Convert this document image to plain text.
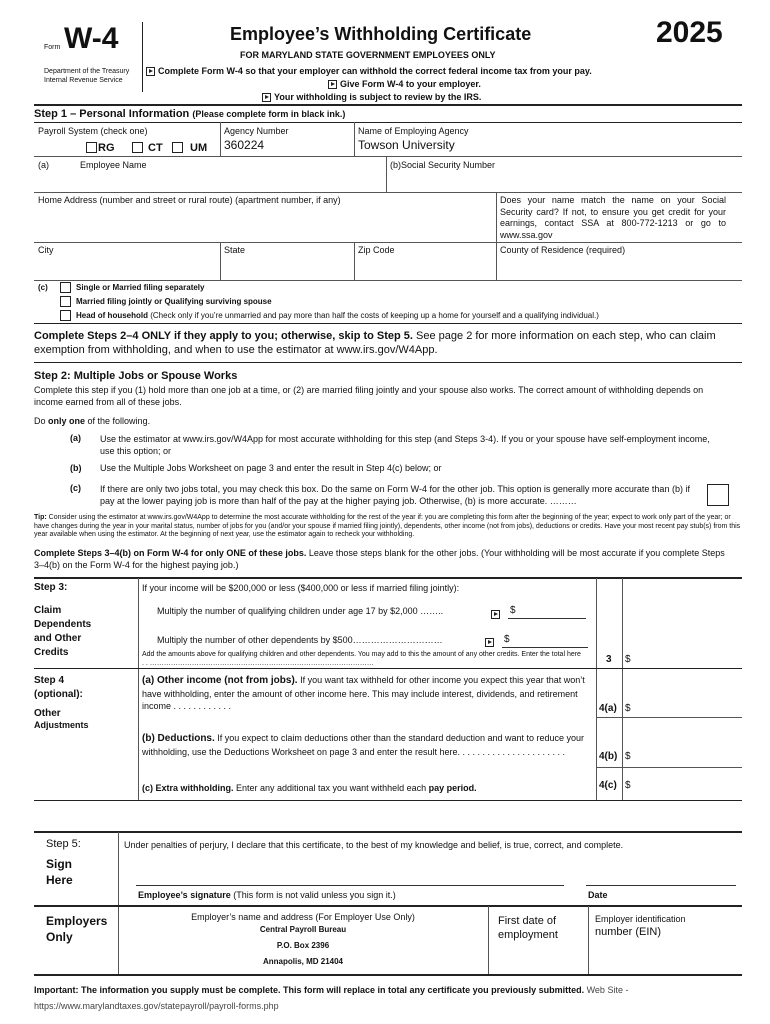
Form W-4
Department of the Treasury
Internal Revenue Service
Employee’s Withholding Certificate
FOR MARYLAND STATE GOVERNMENT EMPLOYEES ONLY
2025
Complete Form W-4 so that your employer can withhold the correct federal income tax from your pay.
Give Form W-4 to your employer.
Your withholding is subject to review by the IRS.
Step 1 – Personal Information (Please complete form in black ink.)
Payroll System (check one)
RG	CT UM
Agency Number
360224
Name of Employing Agency
Towson University
(a)	Employee Name	(b)Social Security Number
Home Address (number and street or rural route) (apartment number, if any)	Does your name match the name on your Social Security card? If not, to ensure you get credit for your earnings, contact SSA at 800-772-1213 or go to www.ssa.gov
City	State	Zip Code	County of Residence (required)
(c)	Single or Married filing separately
Married filing jointly or Qualifying surviving spouse
Head of household (Check only if you’re unmarried and pay more than half the costs of keeping up a home for yourself and a qualifying individual.)
Complete Steps 2–4 ONLY if they apply to you; otherwise, skip to Step 5. See page 2 for more information on each step, who can claim exemption from withholding, and when to use the estimator at www.irs.gov/W4App.
Step 2: Multiple Jobs or Spouse Works
Complete this step if you (1) hold more than one job at a time, or (2) are married filing jointly and your spouse also works. The correct amount of withholding depends on income earned from all of these jobs.
Do only one of the following.
(a) Use the estimator at www.irs.gov/W4App for most accurate withholding for this step (and Steps 3-4). If you or your spouse have self-employment income, use this option; or
(b) Use the Multiple Jobs Worksheet on page 3 and enter the result in Step 4(c) below; or
(c) If there are only two jobs total, you may check this box. Do the same on Form W-4 for the other job. This option is generally more accurate than (b) if pay at the lower paying job is more than half of the pay at the higher paying job. Otherwise, (b) is more accurate. ………
Tip: Consider using the estimator at www.irs.gov/W4App to determine the most accurate withholding for the rest of the year if: you are completing this form after the beginning of the year; expect to work only part of the year; or have changes during the year in your marital status, number of jobs for you (and/or your spouse if married filing jointly), dependents, other income (not from jobs), deductions or credits. Have your most recent pay stub(s) from this year available when using the estimator. At the beginning of next year, use the estimator again to recheck your withholding.
Complete Steps 3–4(b) on Form W-4 for only ONE of these jobs. Leave those steps blank for the other jobs. (Your withholding will be most accurate if you complete Steps 3–4(b) on the Form W-4 for the highest paying job.)
Step 3:	If your income will be $200,000 or less ($400,000 or less if married filing jointly):
Claim
Dependents
and Other
Credits
Multiply the number of qualifying children under age 17 by $2,000 ……..	$
Multiply the number of other dependents by $500…………………………	$
Add the amounts above for qualifying children and other dependents. You may add to this the amount of any other credits. Enter the total here . . ……………………………………………………………………………………	3 $
Step 4
(optional):
Other
Adjustments
(a) Other income (not from jobs). If you want tax withheld for other income you expect this year that won’t have withholding, enter the amount of other income here. This may include interest, dividends, and retirement income . . . . . . . . . . . .	4(a) $
(b) Deductions. If you expect to claim deductions other than the standard deduction and want to reduce your withholding, use the Deductions Worksheet on page 3 and enter the result here. . . . . . . . . . . . . . . . . . . . . .	4(b) $
(c) Extra withholding. Enter any additional tax you want withheld each pay period.	4(c) $
Step 5:
Sign
Here
Under penalties of perjury, I declare that this certificate, to the best of my knowledge and belief, is true, correct, and complete.
Employee’s signature (This form is not valid unless you sign it.)	Date
Employers
Only
Employer’s name and address (For Employer Use Only)
Central Payroll Bureau
P.O. Box 2396
Annapolis, MD 21404
First date of employment
Employer identification
number (EIN)
Important: The information you supply must be complete. This form will replace in total any certificate you previously submitted. Web Site - https://www.marylandtaxes.gov/statepayroll/payroll-forms.php
